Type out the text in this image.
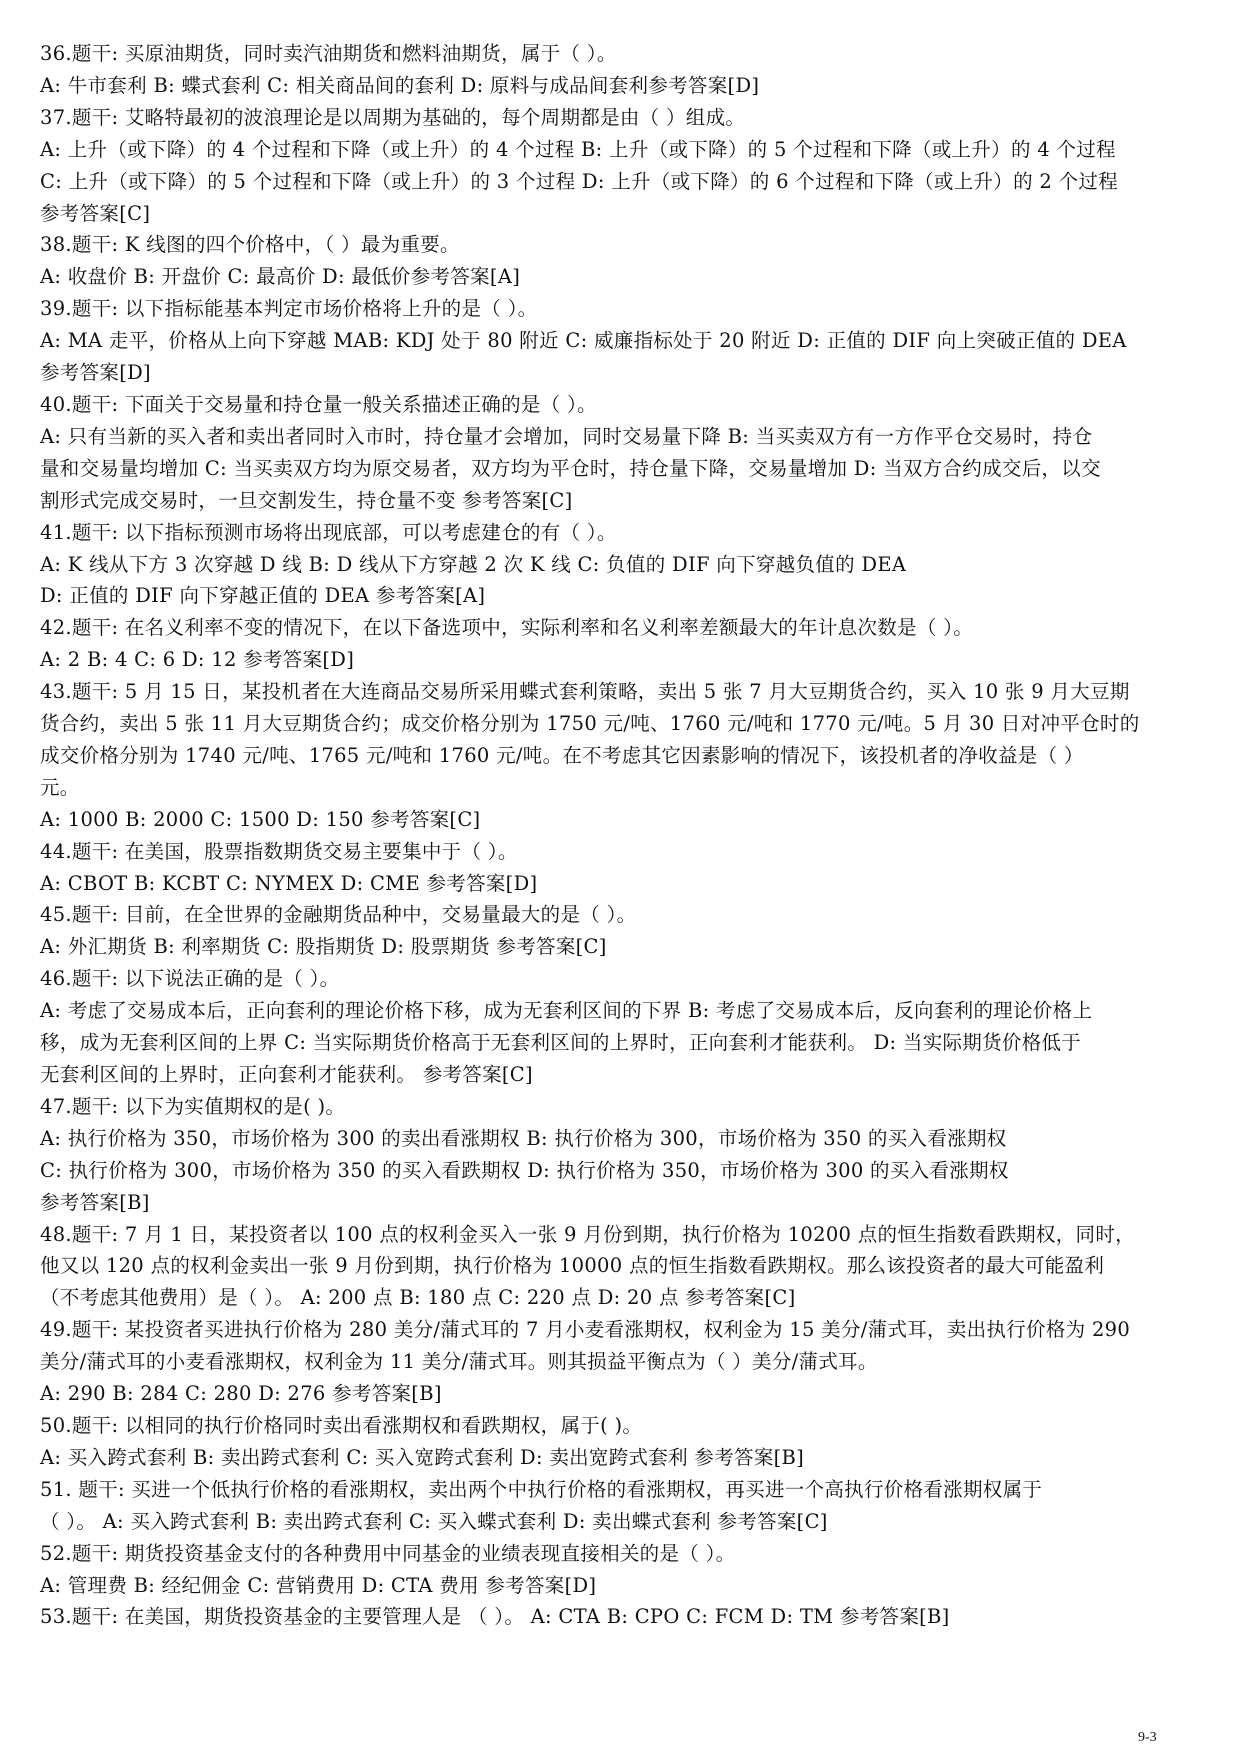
36.题干: 买原油期货，同时卖汽油期货和燃料油期货，属于（ ）。
A: 牛市套利 B: 蝶式套利 C: 相关商品间的套利 D: 原料与成品间套利参考答案[D]
37.题干: 艾略特最初的波浪理论是以周期为基础的，每个周期都是由（ ）组成。
A: 上升（或下降）的 4 个过程和下降（或上升）的 4 个过程 B: 上升（或下降）的 5 个过程和下降（或上升）的 4 个过程
C: 上升（或下降）的 5 个过程和下降（或上升）的 3 个过程 D: 上升（或下降）的 6 个过程和下降（或上升）的 2 个过程
参考答案[C]
38.题干: K 线图的四个价格中，（ ）最为重要。
A: 收盘价 B: 开盘价 C: 最高价 D: 最低价参考答案[A]
39.题干: 以下指标能基本判定市场价格将上升的是（ ）。
A: MA 走平，价格从上向下穿越 MAB: KDJ 处于 80 附近 C: 威廉指标处于 20 附近 D: 正值的 DIF 向上突破正值的 DEA
参考答案[D]
40.题干: 下面关于交易量和持仓量一般关系描述正确的是（ ）。
A: 只有当新的买入者和卖出者同时入市时，持仓量才会增加，同时交易量下降 B: 当买卖双方有一方作平仓交易时，持仓
量和交易量均增加 C: 当买卖双方均为原交易者，双方均为平仓时，持仓量下降，交易量增加 D: 当双方合约成交后，以交
割形式完成交易时，一旦交割发生，持仓量不变 参考答案[C]
41.题干: 以下指标预测市场将出现底部，可以考虑建仓的有（ ）。
A: K 线从下方 3 次穿越 D 线 B: D 线从下方穿越 2 次 K 线 C: 负值的 DIF 向下穿越负值的 DEA
D: 正值的 DIF 向下穿越正值的 DEA 参考答案[A]
42.题干: 在名义利率不变的情况下，在以下备选项中，实际利率和名义利率差额最大的年计息次数是（ ）。
A: 2 B: 4 C: 6 D: 12 参考答案[D]
43.题干: 5 月 15 日，某投机者在大连商品交易所采用蝶式套利策略，卖出 5 张 7 月大豆期货合约，买入 10 张 9 月大豆期
货合约，卖出 5 张 11 月大豆期货合约；成交价格分别为 1750 元/吨、1760 元/吨和 1770 元/吨。5 月 30 日对冲平仓时的
成交价格分别为 1740 元/吨、1765 元/吨和 1760 元/吨。在不考虑其它因素影响的情况下，该投机者的净收益是（ ）
元。
A: 1000 B: 2000 C: 1500 D: 150 参考答案[C]
44.题干: 在美国，股票指数期货交易主要集中于（ ）。
A: CBOT B: KCBT C: NYMEX D: CME 参考答案[D]
45.题干: 目前，在全世界的金融期货品种中，交易量最大的是（ ）。
A: 外汇期货 B: 利率期货 C: 股指期货 D: 股票期货 参考答案[C]
46.题干: 以下说法正确的是（ ）。
A: 考虑了交易成本后，正向套利的理论价格下移，成为无套利区间的下界 B: 考虑了交易成本后，反向套利的理论价格上
移，成为无套利区间的上界 C: 当实际期货价格高于无套利区间的上界时，正向套利才能获利。 D: 当实际期货价格低于
无套利区间的上界时，正向套利才能获利。 参考答案[C]
47.题干: 以下为实值期权的是( )。
A: 执行价格为 350，市场价格为 300 的卖出看涨期权 B: 执行价格为 300，市场价格为 350 的买入看涨期权
C: 执行价格为 300，市场价格为 350 的买入看跌期权 D: 执行价格为 350，市场价格为 300 的买入看涨期权
参考答案[B]
48.题干: 7 月 1 日，某投资者以 100 点的权利金买入一张 9 月份到期，执行价格为 10200 点的恒生指数看跌期权，同时，
他又以 120 点的权利金卖出一张 9 月份到期，执行价格为 10000 点的恒生指数看跌期权。那么该投资者的最大可能盈利
（不考虑其他费用）是（ ）。 A: 200 点 B: 180 点 C: 220 点 D: 20 点 参考答案[C]
49.题干: 某投资者买进执行价格为 280 美分/蒲式耳的 7 月小麦看涨期权，权利金为 15 美分/蒲式耳，卖出执行价格为 290
美分/蒲式耳的小麦看涨期权，权利金为 11 美分/蒲式耳。则其损益平衡点为（ ）美分/蒲式耳。
A: 290 B: 284 C: 280 D: 276 参考答案[B]
50.题干: 以相同的执行价格同时卖出看涨期权和看跌期权，属于( )。
A: 买入跨式套利 B: 卖出跨式套利 C: 买入宽跨式套利 D: 卖出宽跨式套利 参考答案[B]
51. 题干: 买进一个低执行价格的看涨期权，卖出两个中执行价格的看涨期权，再买进一个高执行价格看涨期权属于
（ ）。 A: 买入跨式套利 B: 卖出跨式套利 C: 买入蝶式套利 D: 卖出蝶式套利 参考答案[C]
52.题干: 期货投资基金支付的各种费用中同基金的业绩表现直接相关的是（ ）。
A: 管理费 B: 经纪佣金 C: 营销费用 D: CTA 费用 参考答案[D]
53.题干: 在美国，期货投资基金的主要管理人是 （ ）。 A: CTA B: CPO C: FCM D: TM 参考答案[B]
9-3
